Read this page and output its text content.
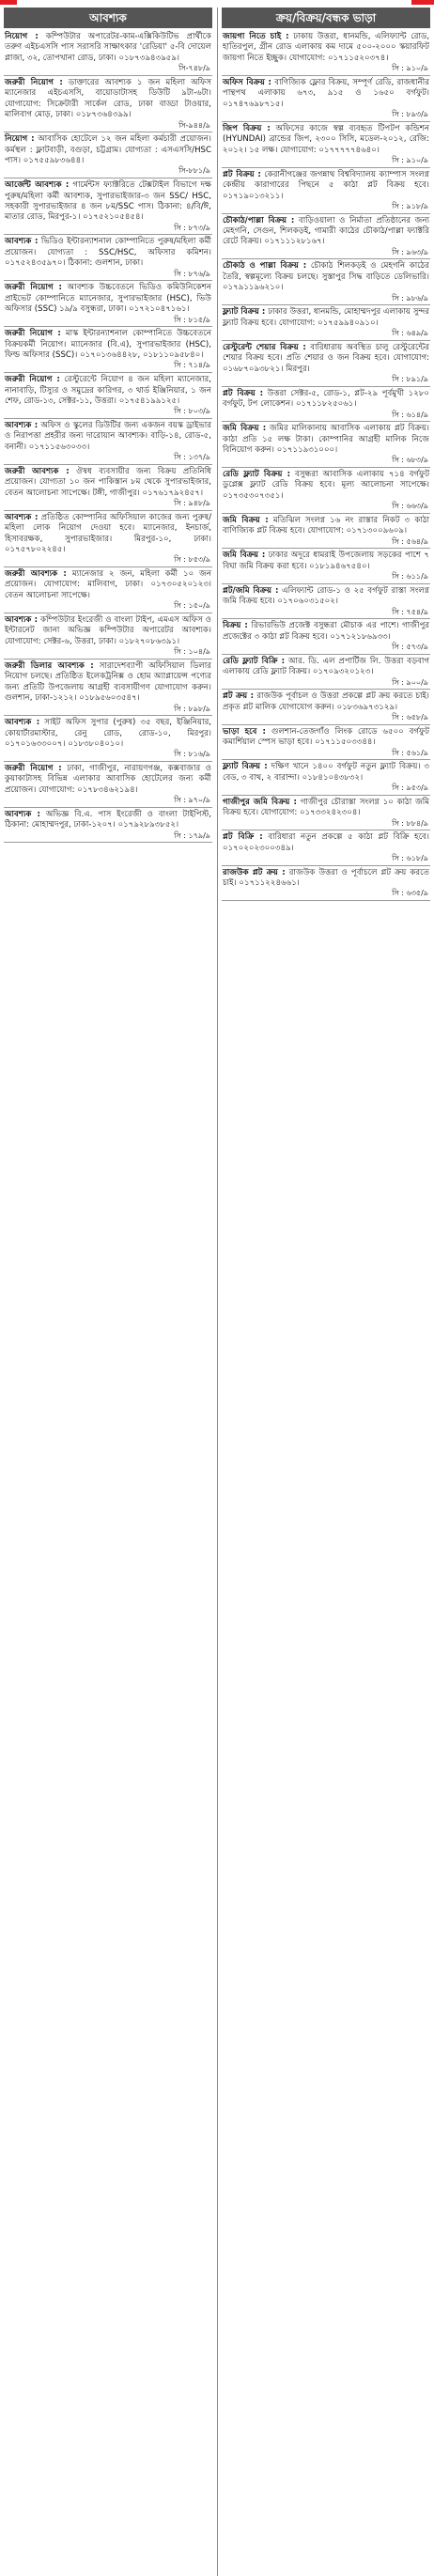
আবশ্যক

নিয়োগ : কম্পিউটার অপারেটর-কাম-এক্সিকিউটিভ প্রার্থীকে তরুণ এইচএসসি পাস সরাসরি সাক্ষাৎকার 'রেডিয়া' ৫-বি দোয়েল প্লাজা, ৩২, তোপখানা রোড, ঢাকা। ০১৮৭৩৯৪৩৯৫৯।

সি-৭৪৮/৯

জরুরী নিয়োগ : ডাক্তারের আবশ্যক ১ জন মহিলা অফিস ম্যানেজার এইচএসসি, বায়োডাটাসহ ডিউটি ৯টা-৬টা। যোগাযোগ: সিক্রেটারী সার্কেল রোড, ঢাকা বাড্ডা টাওয়ার, মালিবাগ মোড়, ঢাকা। ০১৮৭৩৬৪৩৯৯।

সি-৯৪৪/৯

নিয়োগ : আবাসিক হোটেলে ১২ জন মহিলা কর্মচারী প্রয়োজন। কর্মস্থল : ফ্লাটবাড়ী, বগুড়া, চট্টগ্রাম। যোগ্যতা : এসএসসি/HSC পাস। ০১৭৫৫৯৮৩৬৪৪।

সি-৮৮১/৯

আর্জেন্ট আবশ্যক : গার্মেন্টস ফ্যাক্টরিতে টেক্সটাইল বিভাগে দক্ষ পুরুষ/মহিলা কর্মী আবশ্যক, সুপারভাইজার-৩ জন SSC/ HSC, সহকারী সুপারভাইজার ৪ জন ৮ম/SSC পাস। ঠিকানা: ৪/বি/ঈ, মাতার রোড, মিরপুর-১। ০১৭৫২১০৫৪৫৪।

সি : ৮৭৩/৯

আবশ্যক : ভিডিও ইন্টারন্যাশনাল কোম্পানিতে পুরুষ/মহিলা কর্মী প্রয়োজন। যোগ্যতা : SSC/HSC, অফিসার কমিশন। ০১৭৫২৪৩৫৯৭০। ঠিকানা: গুলশান, ঢাকা।

সি : ৮৭৬/৯

জরুরী নিয়োগ : আবশ্যক উচ্চবেতনে ভিডিও কমিউনিকেশন প্রাইভেট কোম্পানিতে ম্যানেজার, সুপারভাইজার (HSC), ভিউ অফিসার (SSC) ১৯/৯ বসুন্ধরা, ঢাকা। ০১৭২১০৪৭১৬১।

সি : ৮১৫/৯

জরুরী নিয়োগ : মাস্ক ইন্টারন্যাশনাল কোম্পানিতে উচ্চবেতনে বিক্রয়কর্মী নিয়োগ। ম্যানেজার (বি.এ), সুপারভাইজার (HSC), ফিল্ড অফিসার (SSC)। ০১৭০১৩৬৪৪২৮, ০১৮১১০৯৫৮৪০।

সি : ৭১৪/৯

জরুরী নিয়োগ : রেস্টুরেন্টে নিয়োগ ৪ জন মহিলা ম্যানেজার, নানাবাড়ি, টিস্যুর ও সমুদ্রের কারিগর, ৩ থার্ড ইঞ্জিনিয়ার, ১ জন শেফ, রোড-১৩, সেক্টর-১১, উত্তরা। ০১৭৫৪১৯৯১২৫।

সি : ৮০৩/৯

আবশ্যক : অফিস ও স্কুলের ডিউটির জন্য একজন বয়স্ক ড্রাইভার ও নিরাপত্তা প্রহরীর জন্য দারোয়ান আবশ্যক। বাড়ি-১৪, রোড-৫, বনানী। ০১৭১১৫৬৩০৩৩।

সি : ১৩৭/৯

জরুরী আবশ্যক : ঔষধ ব্যবসায়ীর জন্য বিক্রয় প্রতিনিধি প্রয়োজন। যোগ্যতা ১০ জন পাকিস্তান ৮ম থেকে সুপারভাইজার, বেতন আলোচনা সাপেক্ষে। টঙ্গী, গাজীপুর। ০১৭৬১৭৯২৪৫৭।

সি : ৯৪৮/৯

আবশ্যক : প্রতিষ্ঠিত কোম্পানির অফিসিয়াল কাজের জন্য পুরুষ/মহিলা লোক নিয়োগ দেওয়া হবে। ম্যানেজার, ইনচার্জ, হিসাবরক্ষক, সুপারভাইজার। মিরপুর-১০, ঢাকা। ০১৭৫৭৮০২২৪৫।

সি : ৮৫৩/৯

জরুরী আবশ্যক : ম্যানেজার ২ জন, মহিলা কর্মী ১০ জন প্রয়োজন। যোগাযোগ: মালিবাগ, ঢাকা। ০১৭৩০৫২০১২৩। বেতন আলোচনা সাপেক্ষে।

সি : ১৫০/৯

আবশ্যক : কম্পিউটার ইংরেজী ও বাংলা টাইপ, এমএস অফিস ও ইন্টারনেট জানা অভিজ্ঞ কম্পিউটার অপারেটর আবশ্যক। যোগাযোগ: সেক্টর-৬, উত্তরা, ঢাকা। ০১৮২৭০৮৬৩৯১।

সি : ১০৪/৯

জরুরী ডিলার আবশ্যক : সারাদেশব্যাপী অফিসিয়াল ডিলার নিয়োগ চলছে। প্রতিষ্ঠিত ইলেকট্রনিক্স ও হোম অ্যাপ্লায়েন্স পণ্যের জন্য প্রতিটি উপজেলায় আগ্রহী ব্যবসায়ীগণ যোগাযোগ করুন। গুলশান, ঢাকা-১২১২। ০১৮৯৫৬০৩৫৪৭।

সি : ৮৯৮/৯

আবশ্যক : সাইট অফিস সুপার (পুরুষ) ৩৫ বছর, ইঞ্জিনিয়ার, কোয়ার্টারমাস্টার, রেনু রোড, রোড-১০, মিরপুর। ০১৭০১৬৩৩০০৭। ০১৮৩৮০৪০১০।

সি : ৮১৬/৯

জরুরী নিয়োগ : ঢাকা, গাজীপুর, নারায়ণগঞ্জ, কক্সবাজার ও কুয়াকাটাসহ বিভিন্ন এলাকার আবাসিক হোটেলের জন্য কর্মী প্রয়োজন। যোগাযোগ: ০১৭৮৩৪৬২১৯৪।

সি : ৯৭০/৯

আবশ্যক : অভিজ্ঞ বি.এ. পাস ইংরেজী ও বাংলা টাইপিস্ট, ঠিকানা: মোহাম্মদপুর, ঢাকা-১২০৭। ০১৭৯২৮৯৩৮৫২।

সি : ১৭৯/৯
ক্রয়/বিক্রয়/বন্ধক ভাড়া

জায়গা নিতে চাই : ঢাকায় উত্তরা, ধানমন্ডি, এলিফ্যান্ট রোড, হাতিরপুল, গ্রীন রোড এলাকায় কম দামে ৫০০-২০০০ স্কয়ারফিট জায়গা নিতে ইচ্ছুক। যোগাযোগ: ০১৭১১৫২০৩৭৪।

সি : ৯১০/৯

অফিস বিক্রয় : বাণিজ্যিক ফ্লোর বিক্রয়, সম্পূর্ণ রেডি, রাজধানীর পান্থপথ এলাকায় ৬৭৩, ৯১৫ ও ১৬৫০ বর্গফুট। ০১৭৪৭৬৯৮৭১৫।

সি : ৮৯৩/৯

জিপ বিক্রয় : অফিসের কাজে স্বল্প ব্যবহৃত টিপটপ কন্ডিশন (HYUNDAI) ব্রান্ডের জিপ, ২৩০০ সিসি, মডেল-২০১২, রেজি: ২০১২। ১৫ লক্ষ। যোগাযোগ: ০১৭৭৭৭৭৪৬৪০।

সি : ৯১০/৯

প্লট বিক্রয় : কেরানীগঞ্জের জগন্নাথ বিশ্ববিদ্যালয় ক্যাম্পাস সংলগ্ন কেন্দ্রীয় কারাগারের পিছনে ৫ কাঠা প্লট বিক্রয় হবে। ০১৭১৯০১৩২১১।

সি : ৯১৮/৯

চৌকাঠ/পাল্লা বিক্রয় : বাড়িওয়ালা ও নির্মাতা প্রতিষ্ঠানের জন্য মেহগনি, সেগুন, শিলকড়ই, গামারী কাঠের চৌকাঠ/পাল্লা ফ্যাক্টরি রেটে বিক্রয়। ০১৭১১১২৮১৬৭।

সি : ৯৬৩/৯

চৌকাঠ ও পাল্লা বিক্রয় : চৌকাঠ শিলকড়ই ও মেহগনি কাঠের তৈরি, স্বল্পমূল্যে বিক্রয় চলছে। সুস্তাপুর সিদ্ধ বাড়িতে ডেলিভারি। ০১৭৯১১৯৬২১০।

সি : ৯৮৬/৯

ফ্ল্যাট বিক্রয় : ঢাকার উত্তরা, ধানমন্ডি, মোহাম্মদপুর এলাকায় সুন্দর ফ্ল্যাট বিক্রয় হবে। যোগাযোগ: ০১৭৫৯৯৪০৯১০।

সি : ৬৪৯/৯

রেস্টুরেন্ট শেয়ার বিক্রয় : বারিধারায় অবস্থিত চালু রেস্টুরেন্টের শেয়ার বিক্রয় হবে। প্রতি শেয়ার ও জন বিক্রয় হবে। যোগাযোগ: ০১৬৮৭০৯৩৮২১। মিরপুর।

সি : ৮৯১/৯

প্লট বিক্রয় : উত্তরা সেক্টর-৫, রোড-১, প্লট-২৯ পূর্বমুখী ১২৮০ বর্গফুট, টপ লোকেশন। ০১৭১১৮২৫০৬১।

সি : ৬১৪/৯

জমি বিক্রয় : জমির মালিকানায় আবাসিক এলাকায় প্লট বিক্রয়। কাঠা প্রতি ১৫ লক্ষ টাকা। কোম্পানির আগ্রহী মালিক নিজে বিনিয়োগ করুন। ০১৭১১৯৩১০০০।

সি : ৬৮৩/৯

রেডি ফ্ল্যাট বিক্রয় : বসুন্ধরা আবাসিক এলাকায় ৭১৪ বর্গফুট ডুপ্লেক্স ফ্ল্যাট রেডি বিক্রয় হবে। মূল্য আলোচনা সাপেক্ষে। ০১৭৩৫৩০৭৩৫১।

সি : ৬৬৩/৯

জমি বিক্রয় : মতিঝিল সংলগ্ন ১৬ নং রাস্তার নিকট ৩ কাঠা বাণিজ্যিক প্লট বিক্রয় হবে। যোগাযোগ: ০১৭১৩০০৯৬০৯।

সি : ৫৬৪/৯

জমি বিক্রয় : ঢাকার অদূরে ধামরাই উপজেলায় সড়কের পাশে ৭ বিঘা জমি বিক্রয় করা হবে। ০১৮১৯৪৬৭৫৪০।

সি : ৬১১/৯

প্লট/জমি বিক্রয় : এলিফ্যান্ট রোড-১ ও ২৫ বর্গফুট রাস্তা সংলগ্ন জমি বিক্রয় হবে। ০১৭০৬০৩১৫০২।

সি : ৭৫৪/৯

বিক্রয় : রিভারভিউ প্রজেক্ট বসুন্ধরা মৌচাক এর পাশে। গাজীপুর প্রজেক্টের ৩ কাঠা প্লট বিক্রয় হবে। ০১৭১২১৮৬৯৩৩।

সি : ৫৭৩/৯

রেডি ফ্ল্যাট বিক্রি : আর. ডি. এল প্রপার্টিজ লি. উত্তরা বড়বাগ এলাকায় রেডি ফ্ল্যাট বিক্রয়। ০১৭০৯৩২০১২৩।

সি : ৯০০/৯

প্লট ক্রয় : রাজউক পূর্বাচল ও উত্তরা প্রকল্পে প্লট ক্রয় করতে চাই। প্রকৃত প্লট মালিক যোগাযোগ করুন। ০১৮৩৬৯৭৩১২৯।

সি : ৬৫৮/৯

ভাড়া হবে : গুলশান-তেজগাঁও লিংক রোডে ৬৫০০ বর্গফুট কমার্শিয়াল স্পেস ভাড়া হবে। ০১৭১১৫০৩৩৪৪।

সি : ৫৬১/৯

ফ্ল্যাট বিক্রয় : দক্ষিণ খানে ১৪০০ বর্গফুট নতুন ফ্ল্যাট বিক্রয়। ৩ বেড, ৩ বাথ, ২ বারান্দা। ০১৮৪১০৪৩৮৩২।

সি : ৯৫৩/৯

গাজীপুর জমি বিক্রয় : গাজীপুর চৌরাস্তা সংলগ্ন ১০ কাঠা জমি বিক্রয় হবে। যোগাযোগ: ০১৭৩৩২৪২৩০৪।

সি : ৮৮৪/৯

প্লট বিক্রি : বারিধারা নতুন প্রকল্পে ৫ কাঠা প্লট বিক্রি হবে। ০১৭০২০২৩০০৩৪৯।

সি : ৬১৮/৯

রাজউক প্লট ক্রয় : রাজউক উত্তরা ও পূর্বাচলে প্লট ক্রয় করতে চাই। ০১৭১১২২৪৬৬১।

সি : ৬৩৫/৯
